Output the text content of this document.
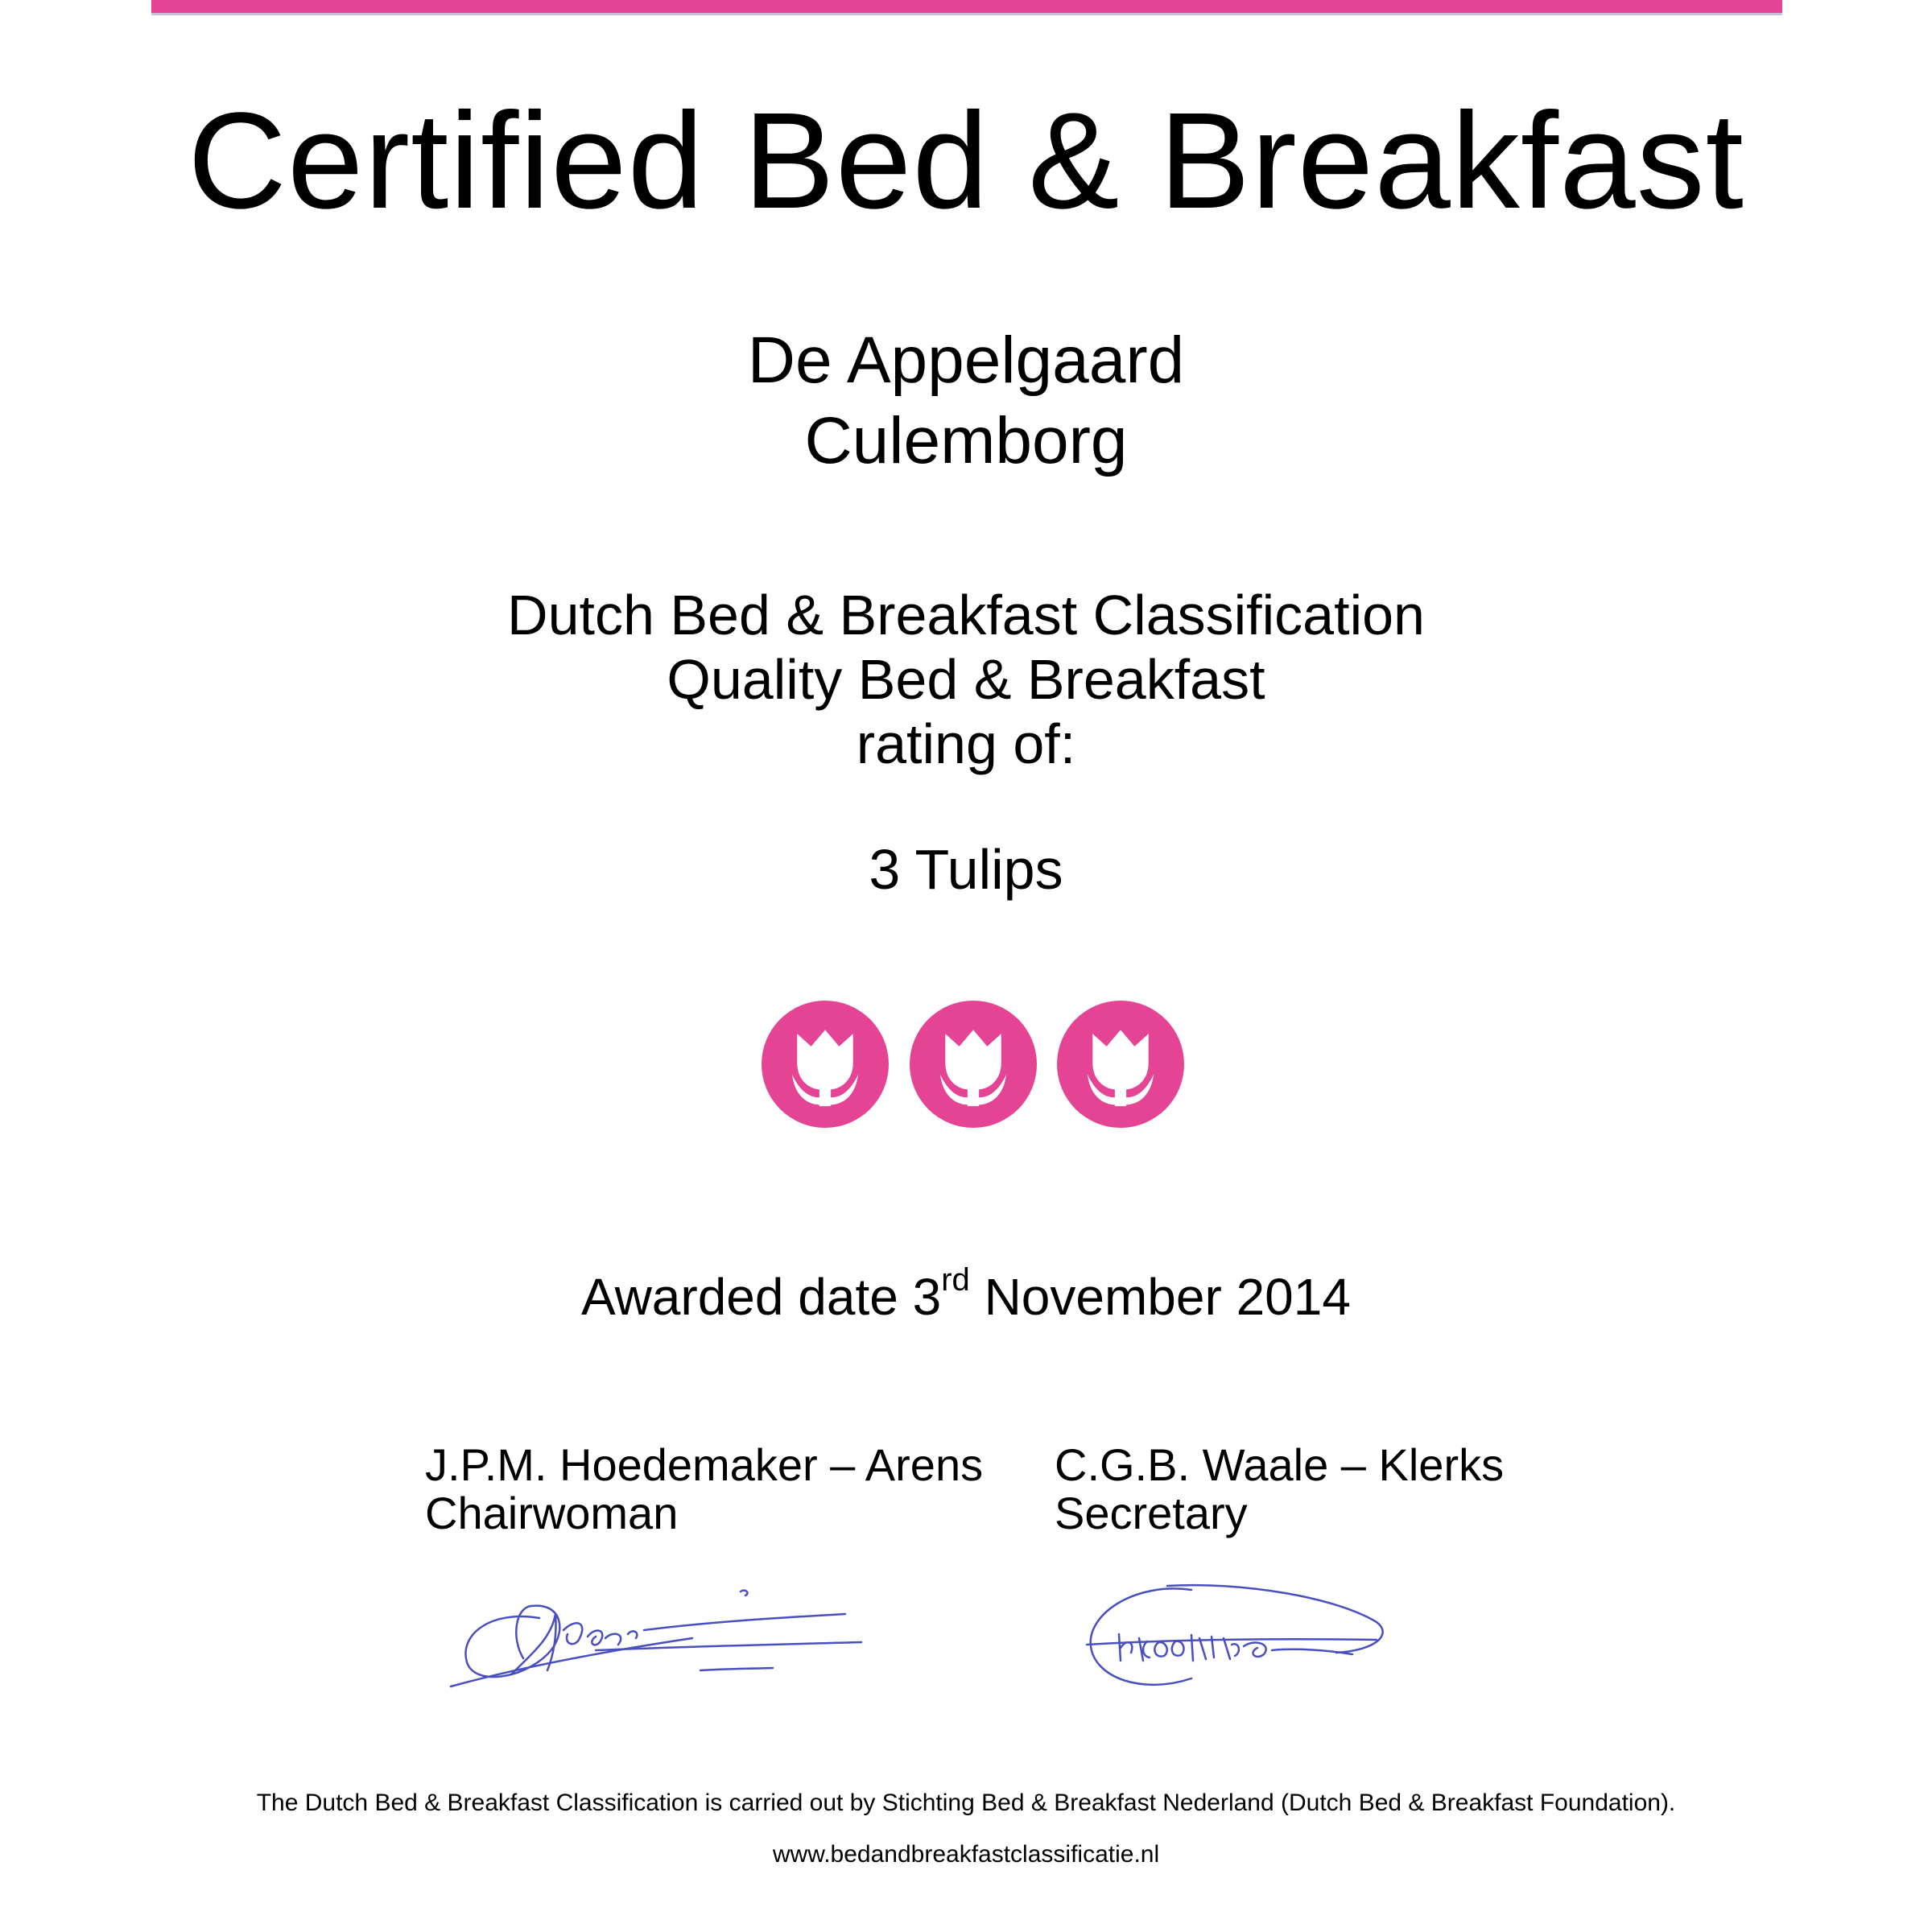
Certified Bed & Breakfast
De Appelgaard
Culemborg
Dutch Bed & Breakfast Classification
Quality Bed & Breakfast
rating of:
3 Tulips
Awarded date 3rd November 2014
J.P.M. Hoedemaker – Arens
Chairwoman
C.G.B. Waale – Klerks
Secretary
The Dutch Bed & Breakfast Classification is carried out by Stichting Bed & Breakfast Nederland (Dutch Bed & Breakfast Foundation).
www.bedandbreakfastclassificatie.nl
